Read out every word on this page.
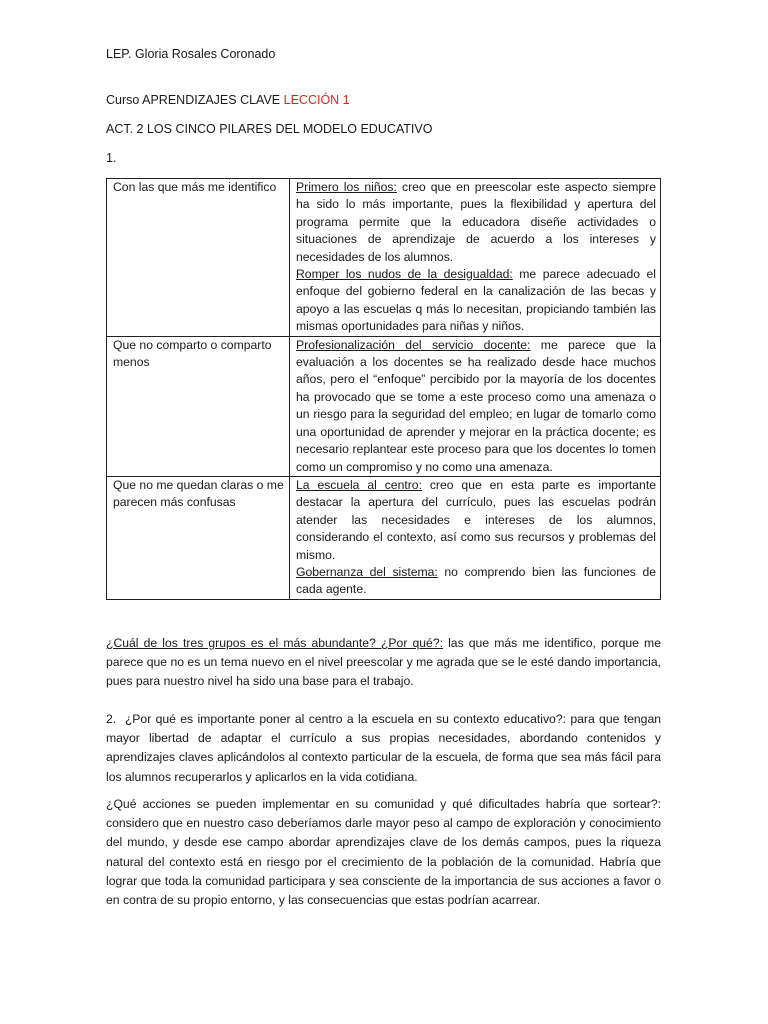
LEP. Gloria Rosales Coronado
Curso APRENDIZAJES CLAVE LECCIÓN 1
ACT. 2 LOS CINCO PILARES DEL MODELO EDUCATIVO
1.
Con las que más me identifico	Primero los niños: creo que en preescolar este aspecto siempre ha sido lo más importante, pues la flexibilidad y apertura del programa permite que la educadora diseñe actividades o situaciones de aprendizaje de acuerdo a los intereses y necesidades de los alumnos.
Romper los nudos de la desigualdad: me parece adecuado el enfoque del gobierno federal en la canalización de las becas y apoyo a las escuelas q más lo necesitan, propiciando también las mismas oportunidades para niñas y niños.
Que no comparto o comparto menos	Profesionalización del servicio docente: me parece que la evaluación a los docentes se ha realizado desde hace muchos años, pero el “enfoque” percibido por la mayoría de los docentes ha provocado que se tome a este proceso como una amenaza o un riesgo para la seguridad del empleo; en lugar de tomarlo como una oportunidad de aprender y mejorar en la práctica docente; es necesario replantear este proceso para que los docentes lo tomen como un compromiso y no como una amenaza.
Que no me quedan claras o me parecen más confusas	La escuela al centro: creo que en esta parte es importante destacar la apertura del currículo, pues las escuelas podrán atender las necesidades e intereses de los alumnos, considerando el contexto, así como sus recursos y problemas del mismo.
Gobernanza del sistema: no comprendo bien las funciones de cada agente.
¿Cuál de los tres grupos es el más abundante? ¿Por qué?: las que más me identifico, porque me parece que no es un tema nuevo en el nivel preescolar y me agrada que se le esté dando importancia, pues para nuestro nivel ha sido una base para el trabajo.
2. ¿Por qué es importante poner al centro a la escuela en su contexto educativo?: para que tengan mayor libertad de adaptar el currículo a sus propias necesidades, abordando contenidos y aprendizajes claves aplicándolos al contexto particular de la escuela, de forma que sea más fácil para los alumnos recuperarlos y aplicarlos en la vida cotidiana.
¿Qué acciones se pueden implementar en su comunidad y qué dificultades habría que sortear?: considero que en nuestro caso deberíamos darle mayor peso al campo de exploración y conocimiento del mundo, y desde ese campo abordar aprendizajes clave de los demás campos, pues la riqueza natural del contexto está en riesgo por el crecimiento de la población de la comunidad. Habría que lograr que toda la comunidad participara y sea consciente de la importancia de sus acciones a favor o en contra de su propio entorno, y las consecuencias que estas podrían acarrear.
